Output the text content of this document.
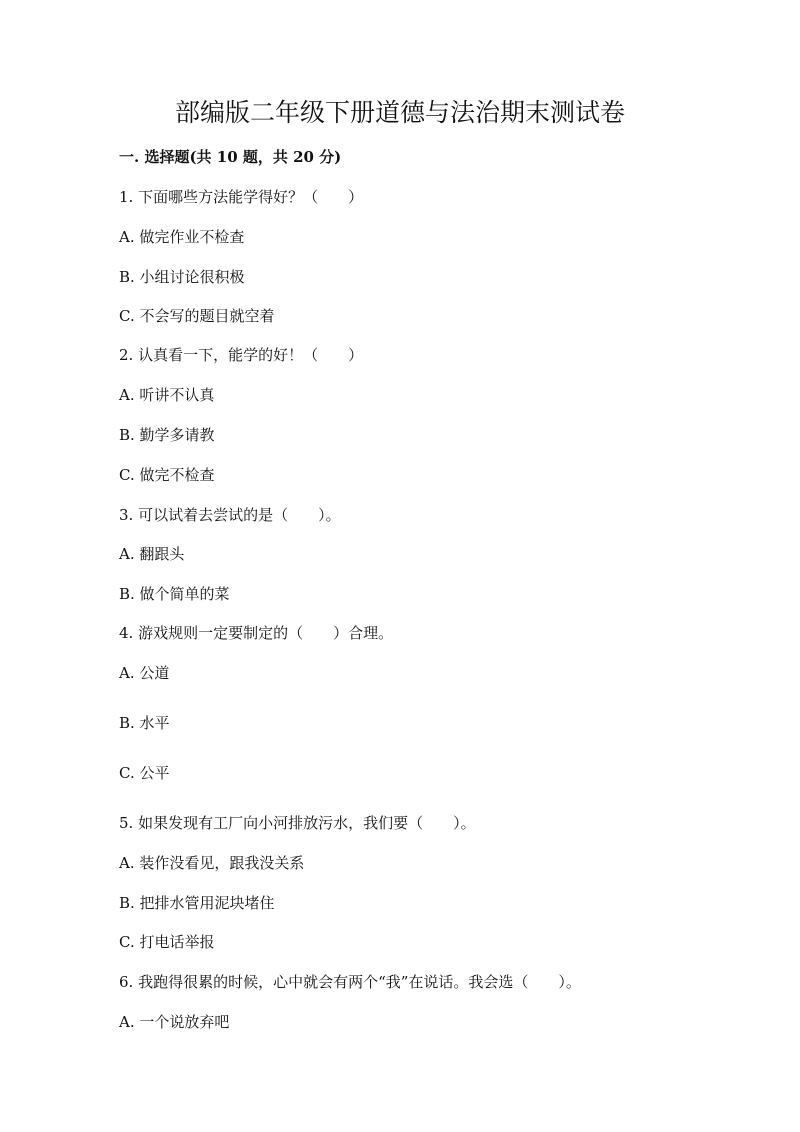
部编版二年级下册道德与法治期末测试卷
一. 选择题(共 10 题，共 20 分)
1. 下面哪些方法能学得好？（　　）
A. 做完作业不检查
B. 小组讨论很积极
C. 不会写的题目就空着
2. 认真看一下，能学的好！（　　）
A. 听讲不认真
B. 勤学多请教
C. 做完不检查
3. 可以试着去尝试的是（　　）。
A. 翻跟头
B. 做个简单的菜
4. 游戏规则一定要制定的（　　）合理。
A. 公道
B. 水平
C. 公平
5. 如果发现有工厂向小河排放污水，我们要（　　）。
A. 装作没看见，跟我没关系
B. 把排水管用泥块堵住
C. 打电话举报
6. 我跑得很累的时候，心中就会有两个“我”在说话。我会选（　　）。
A. 一个说放弃吧
